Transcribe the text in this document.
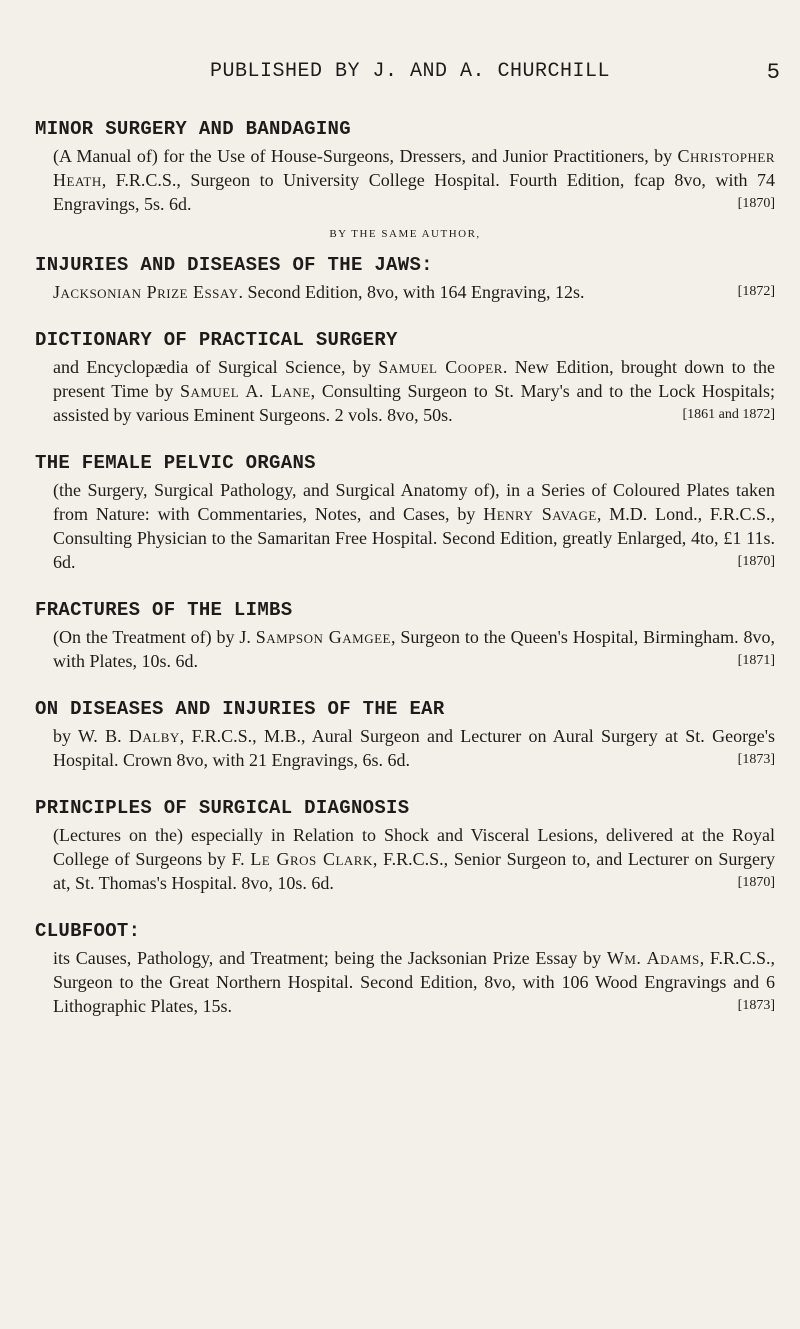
PUBLISHED BY J. AND A. CHURCHILL	5
MINOR SURGERY AND BANDAGING

(A Manual of) for the Use of House-Surgeons, Dressers, and Junior Practitioners, by Christopher Heath, F.R.C.S., Surgeon to University College Hospital. Fourth Edition, fcap 8vo, with 74 Engravings, 5s. 6d.	[1870]

BY THE SAME AUTHOR,
INJURIES AND DISEASES OF THE JAWS:

Jacksonian Prize Essay. Second Edition, 8vo, with 164 Engraving, 12s.	[1872]

DICTIONARY OF PRACTICAL SURGERY

and Encyclopædia of Surgical Science, by Samuel Cooper. New Edition, brought down to the present Time by Samuel A. Lane, Consulting Surgeon to St. Mary's and to the Lock Hospitals; assisted by various Eminent Surgeons. 2 vols. 8vo, 50s.	[1861 and 1872]

THE FEMALE PELVIC ORGANS

(the Surgery, Surgical Pathology, and Surgical Anatomy of), in a Series of Coloured Plates taken from Nature: with Commentaries, Notes, and Cases, by Henry Savage, M.D. Lond., F.R.C.S., Consulting Physician to the Samaritan Free Hospital. Second Edition, greatly Enlarged, 4to, £1 11s. 6d.	[1870]

FRACTURES OF THE LIMBS

(On the Treatment of) by J. Sampson Gamgee, Surgeon to the Queen's Hospital, Birmingham. 8vo, with Plates, 10s. 6d.	[1871]

ON DISEASES AND INJURIES OF THE EAR

by W. B. Dalby, F.R.C.S., M.B., Aural Surgeon and Lecturer on Aural Surgery at St. George's Hospital. Crown 8vo, with 21 Engravings, 6s. 6d.	[1873]

PRINCIPLES OF SURGICAL DIAGNOSIS

(Lectures on the) especially in Relation to Shock and Visceral Lesions, delivered at the Royal College of Surgeons by F. Le Gros Clark, F.R.C.S., Senior Surgeon to, and Lecturer on Surgery at, St. Thomas's Hospital. 8vo, 10s. 6d.	[1870]

CLUBFOOT:

its Causes, Pathology, and Treatment; being the Jacksonian Prize Essay by Wm. Adams, F.R.C.S., Surgeon to the Great Northern Hospital. Second Edition, 8vo, with 106 Wood Engravings and 6 Lithographic Plates, 15s.	[1873]
